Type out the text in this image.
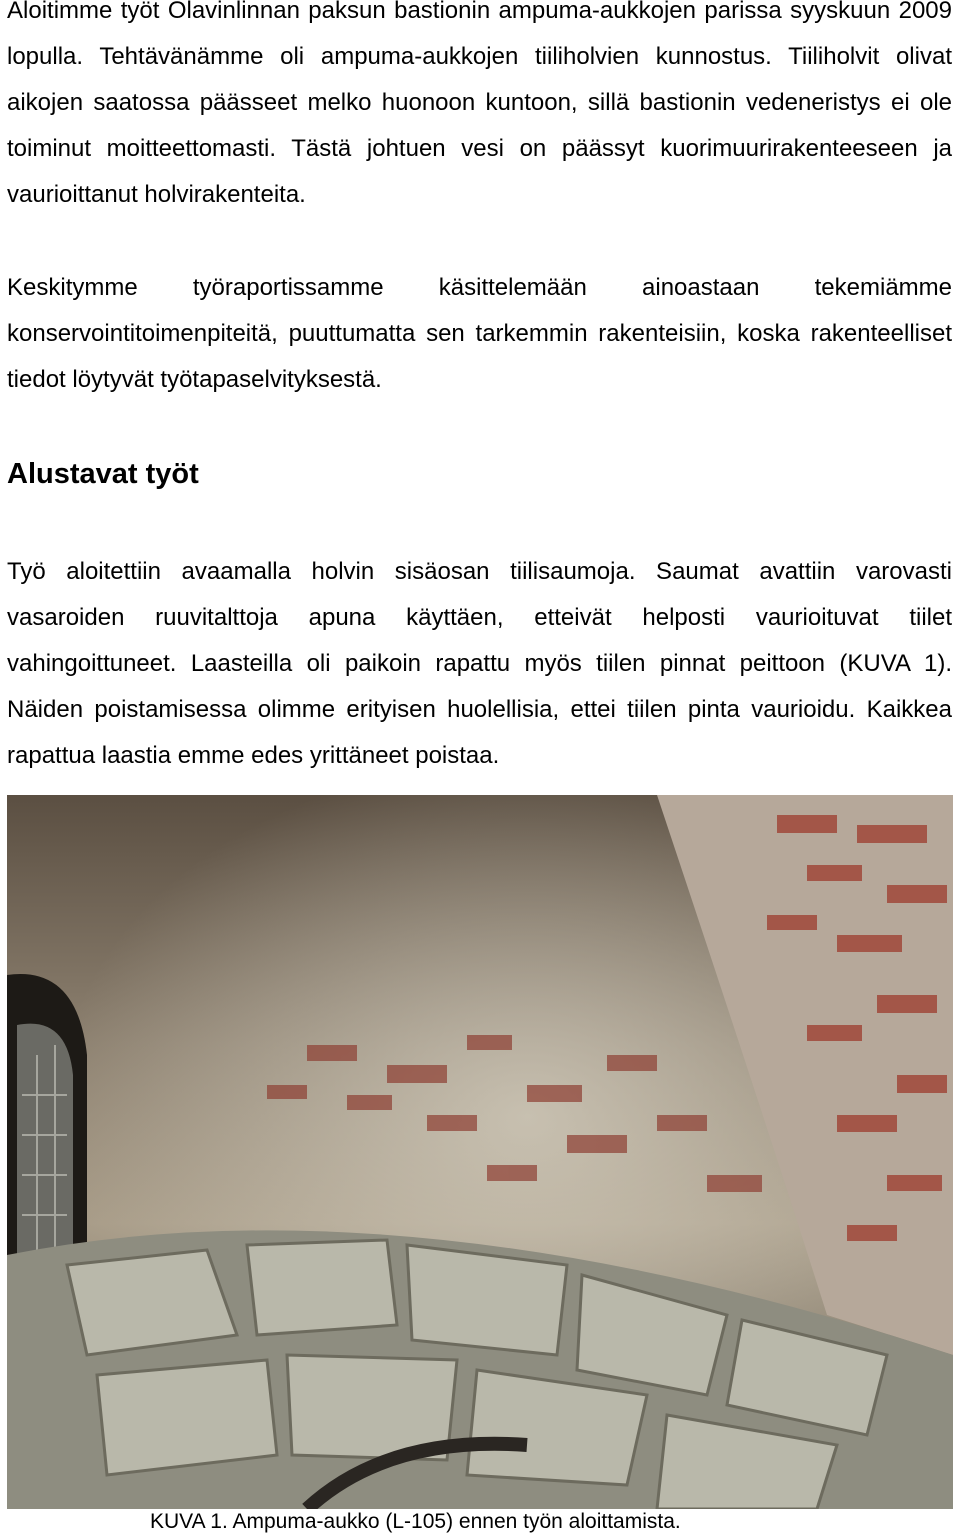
Aloitimme työt Olavinlinnan paksun bastionin ampuma-aukkojen parissa syyskuun 2009 lopulla. Tehtävänämme oli ampuma-aukkojen tiiliholvien kunnostus. Tiiliholvit olivat aikojen saatossa päässeet melko huonoon kuntoon, sillä bastionin vedeneristys ei ole toiminut moitteettomasti. Tästä johtuen vesi on päässyt kuorimuurirakenteeseen ja vaurioittanut holvirakenteita.

Keskitymme työraportissamme käsittelemään ainoastaan tekemiämme konservointitoimenpiteitä, puuttumatta sen tarkemmin rakenteisiin, koska rakenteelliset tiedot löytyvät työtapaselvityksestä.

Alustavat työt

Työ aloitettiin avaamalla holvin sisäosan tiilisaumoja. Saumat avattiin varovasti vasaroiden ruuvitalttoja apuna käyttäen, etteivät helposti vaurioituvat tiilet vahingoittuneet. Laasteilla oli paikoin rapattu myös tiilen pinnat peittoon (KUVA 1). Näiden poistamisessa olimme erityisen huolellisia, ettei tiilen pinta vaurioidu. Kaikkea rapattua laastia emme edes yrittäneet poistaa.

KUVA 1. Ampuma-aukko (L-105) ennen työn aloittamista.
